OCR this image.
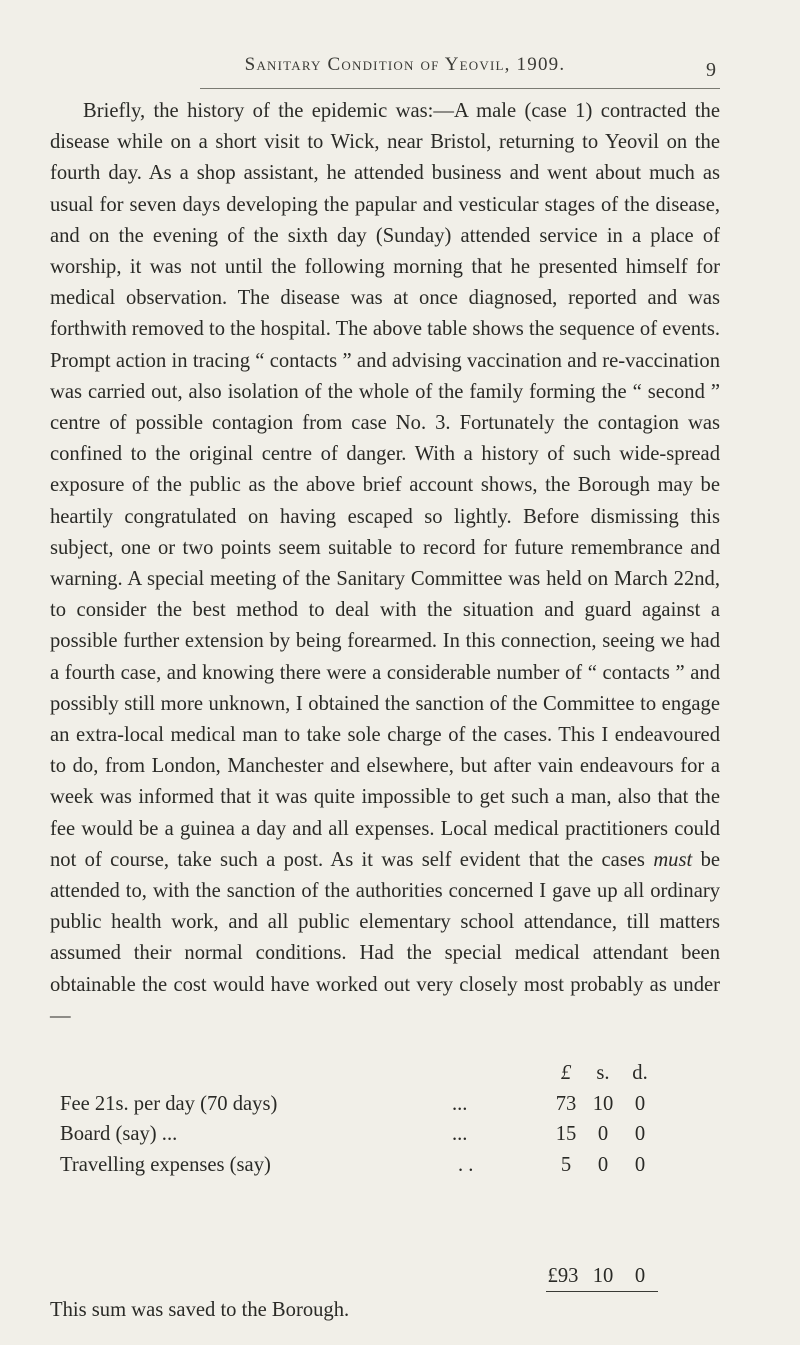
Sanitary Condition of Yeovil, 1909.	9

Briefly, the history of the epidemic was:—A male (case 1) contracted the disease while on a short visit to Wick, near Bristol, returning to Yeovil on the fourth day. As a shop assistant, he attended business and went about much as usual for seven days developing the papular and vesticular stages of the disease, and on the evening of the sixth day (Sunday) attended service in a place of worship, it was not until the following morning that he presented himself for medical observation. The disease was at once diagnosed, reported and was forthwith removed to the hospital. The above table shows the sequence of events. Prompt action in tracing “ contacts ” and advising vaccination and re-vaccination was carried out, also isolation of the whole of the family forming the “ second ” centre of possible contagion from case No. 3. Fortunately the contagion was confined to the original centre of danger. With a history of such wide-spread exposure of the public as the above brief account shows, the Borough may be heartily congratulated on having escaped so lightly. Before dismissing this subject, one or two points seem suitable to record for future remembrance and warning. A special meeting of the Sanitary Committee was held on March 22nd, to consider the best method to deal with the situation and guard against a possible further extension by being forearmed. In this connection, seeing we had a fourth case, and knowing there were a considerable number of “ contacts ” and possibly still more unknown, I obtained the sanction of the Committee to engage an extra-local medical man to take sole charge of the cases. This I endeavoured to do, from London, Manchester and elsewhere, but after vain endeavours for a week was informed that it was quite impossible to get such a man, also that the fee would be a guinea a day and all expenses. Local medical practitioners could not of course, take such a post. As it was self evident that the cases must be attended to, with the sanction of the authorities concerned I gave up all ordinary public health work, and all public elementary school attendance, till matters assumed their normal conditions. Had the special medical attendant been obtainable the cost would have worked out very closely most probably as under—

£	s.	d.
Fee 21s. per day (70 days)	...	73 10	0
Board (say) ...	...	15	0	0
Travelling expenses (say)	. .	5	0	0
£93 10	0
This sum was saved to the Borough.
